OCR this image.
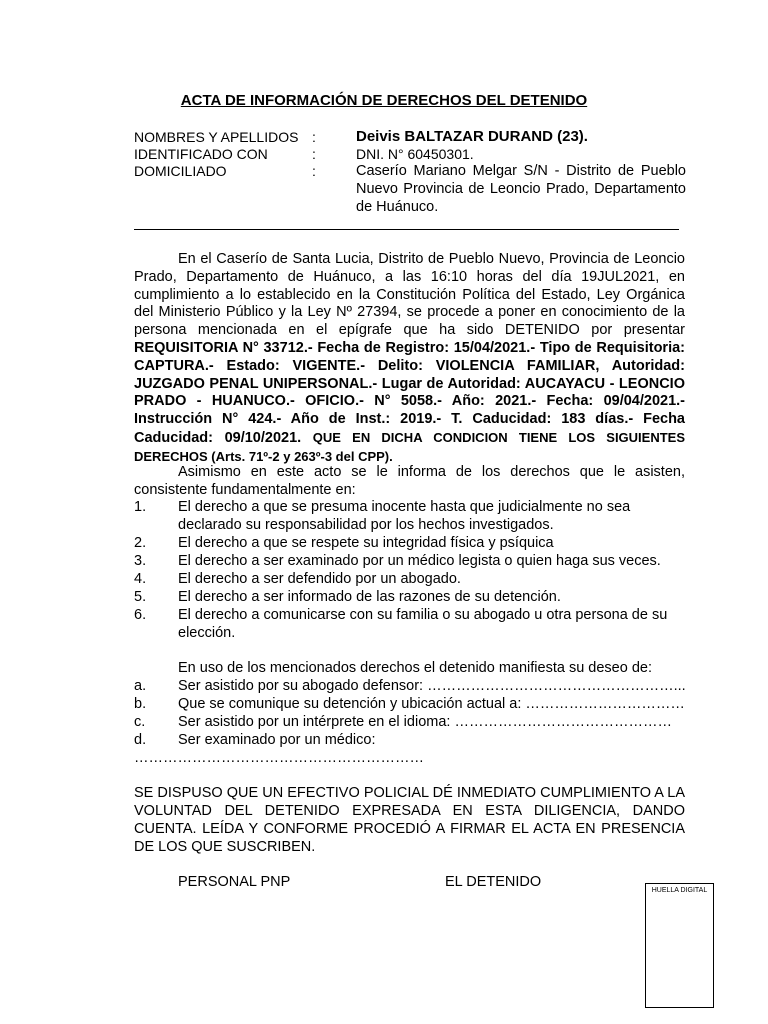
ACTA DE INFORMACIÓN DE DERECHOS DEL DETENIDO
NOMBRES Y APELLIDOS :	Deivis BALTAZAR DURAND (23).
IDENTIFICADO CON	:	DNI. N° 60450301.
DOMICILIADO	:	Caserío Mariano Melgar S/N - Distrito de Pueblo Nuevo Provincia de Leoncio Prado, Departamento de Huánuco.
En el Caserío de Santa Lucia, Distrito de Pueblo Nuevo, Provincia de Leoncio Prado, Departamento de Huánuco, a las 16:10 horas del día 19JUL2021, en cumplimiento a lo establecido en la Constitución Política del Estado, Ley Orgánica del Ministerio Público y la Ley Nº 27394, se procede a poner en conocimiento de la persona mencionada en el epígrafe que ha sido DETENIDO por presentar REQUISITORIA N° 33712.- Fecha de Registro: 15/04/2021.- Tipo de Requisitoria: CAPTURA.- Estado: VIGENTE.- Delito: VIOLENCIA FAMILIAR, Autoridad: JUZGADO PENAL UNIPERSONAL.- Lugar de Autoridad: AUCAYACU - LEONCIO PRADO - HUANUCO.- OFICIO.- N° 5058.- Año: 2021.- Fecha: 09/04/2021.- Instrucción N° 424.- Año de Inst.: 2019.- T. Caducidad: 183 días.- Fecha Caducidad: 09/10/2021. QUE EN DICHA CONDICION TIENE LOS SIGUIENTES DERECHOS (Arts. 71º-2 y 263º-3 del CPP).
Asimismo en este acto se le informa de los derechos que le asisten, consistente fundamentalmente en:
1. El derecho a que se presuma inocente hasta que judicialmente no sea declarado su responsabilidad por los hechos investigados.
2. El derecho a que se respete su integridad física y psíquica
3. El derecho a ser examinado por un médico legista o quien haga sus veces.
4. El derecho a ser defendido por un abogado.
5. El derecho a ser informado de las razones de su detención.
6. El derecho a comunicarse con su familia o su abogado u otra persona de su elección.
En uso de los mencionados derechos el detenido manifiesta su deseo de:
a. Ser asistido por su abogado defensor: ……………………………………………...
b. Que se comunique su detención y ubicación actual a: ……………………………
c. Ser asistido por un intérprete en el idioma: ………………………………………
d. Ser examinado por un médico:
……………………………………………………
SE DISPUSO QUE UN EFECTIVO POLICIAL DÉ INMEDIATO CUMPLIMIENTO A LA VOLUNTAD DEL DETENIDO EXPRESADA EN ESTA DILIGENCIA, DANDO CUENTA. LEÍDA Y CONFORME PROCEDIÓ A FIRMAR EL ACTA EN PRESENCIA DE LOS QUE SUSCRIBEN.
PERSONAL PNP	EL DETENIDO
HUELLA DIGITAL
